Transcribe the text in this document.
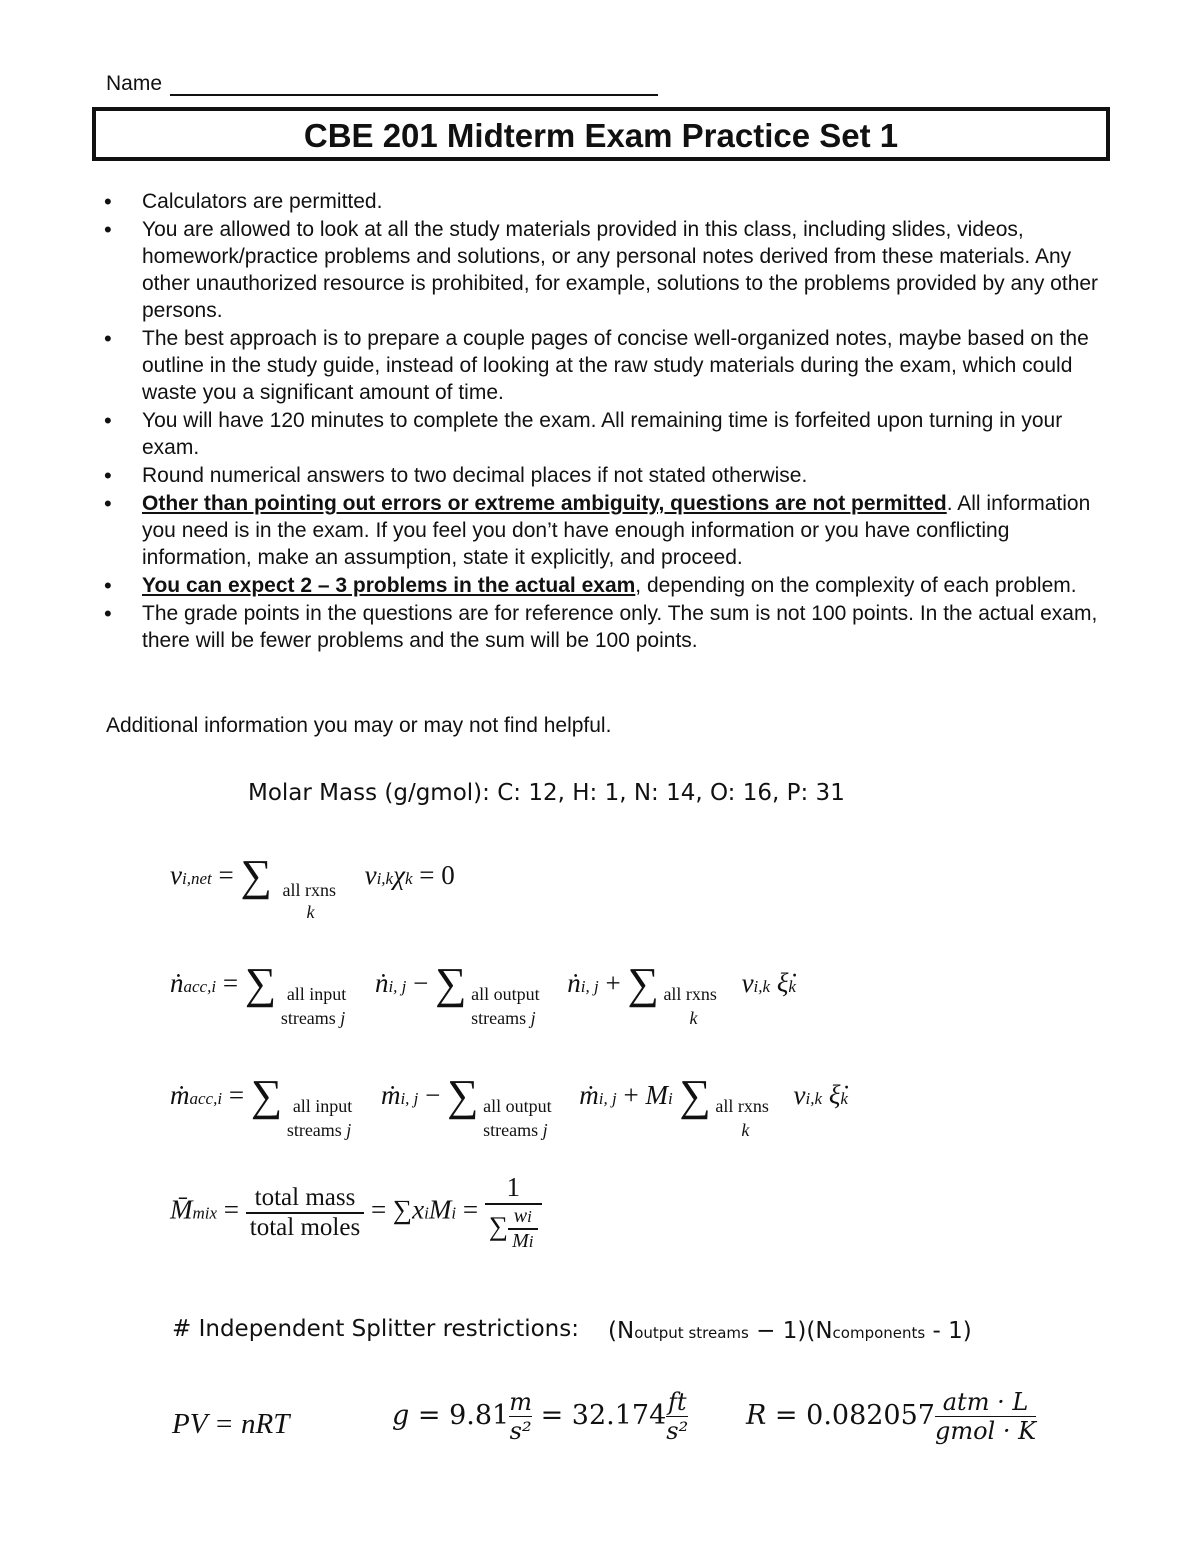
Name
CBE 201 Midterm Exam Practice Set 1
• Calculators are permitted.
• You are allowed to look at all the study materials provided in this class, including slides, videos, homework/practice problems and solutions, or any personal notes derived from these materials. Any other unauthorized resource is prohibited, for example, solutions to the problems provided by any other persons.
• The best approach is to prepare a couple pages of concise well-organized notes, maybe based on the outline in the study guide, instead of looking at the raw study materials during the exam, which could waste you a significant amount of time.
• You will have 120 minutes to complete the exam. All remaining time is forfeited upon turning in your exam.
• Round numerical answers to two decimal places if not stated otherwise.
• Other than pointing out errors or extreme ambiguity, questions are not permitted. All information you need is in the exam. If you feel you don’t have enough information or you have conflicting information, make an assumption, state it explicitly, and proceed.
• You can expect 2 – 3 problems in the actual exam, depending on the complexity of each problem.
• The grade points in the questions are for reference only. The sum is not 100 points. In the actual exam, there will be fewer problems and the sum will be 100 points.
Additional information you may or may not find helpful.
Molar Mass (g/gmol): C: 12, H: 1, N: 14, O: 16, P: 31
νi,net = ∑ all rxns
k
νi,kχk = 0
ṅacc,i = ∑ all input
streams j
ṅi, j − ∑ all output
streams j
ṅi, j + ∑ all rxns
k
νi,k ξ̇k
ṁacc,i = ∑ all input
streams j
ṁi, j − ∑ all output
streams j
ṁi, j + Mi ∑ all rxns
k
νi,k ξ̇k
M̄mix = $\frac{\text{total mass}}{\text{total moles}}$ = ∑xiMi = $\frac{1}{\sum \frac{wi}{Mi}}$
# Independent Splitter restrictions: (Noutput streams − 1)(Ncomponents - 1)
PV = nRT	$g = 9.81 \frac{m}{\text{s²}} = 32.174 \frac{ft}{\text{s²}}$ R = 0.082057 atm · L
gmol · K
